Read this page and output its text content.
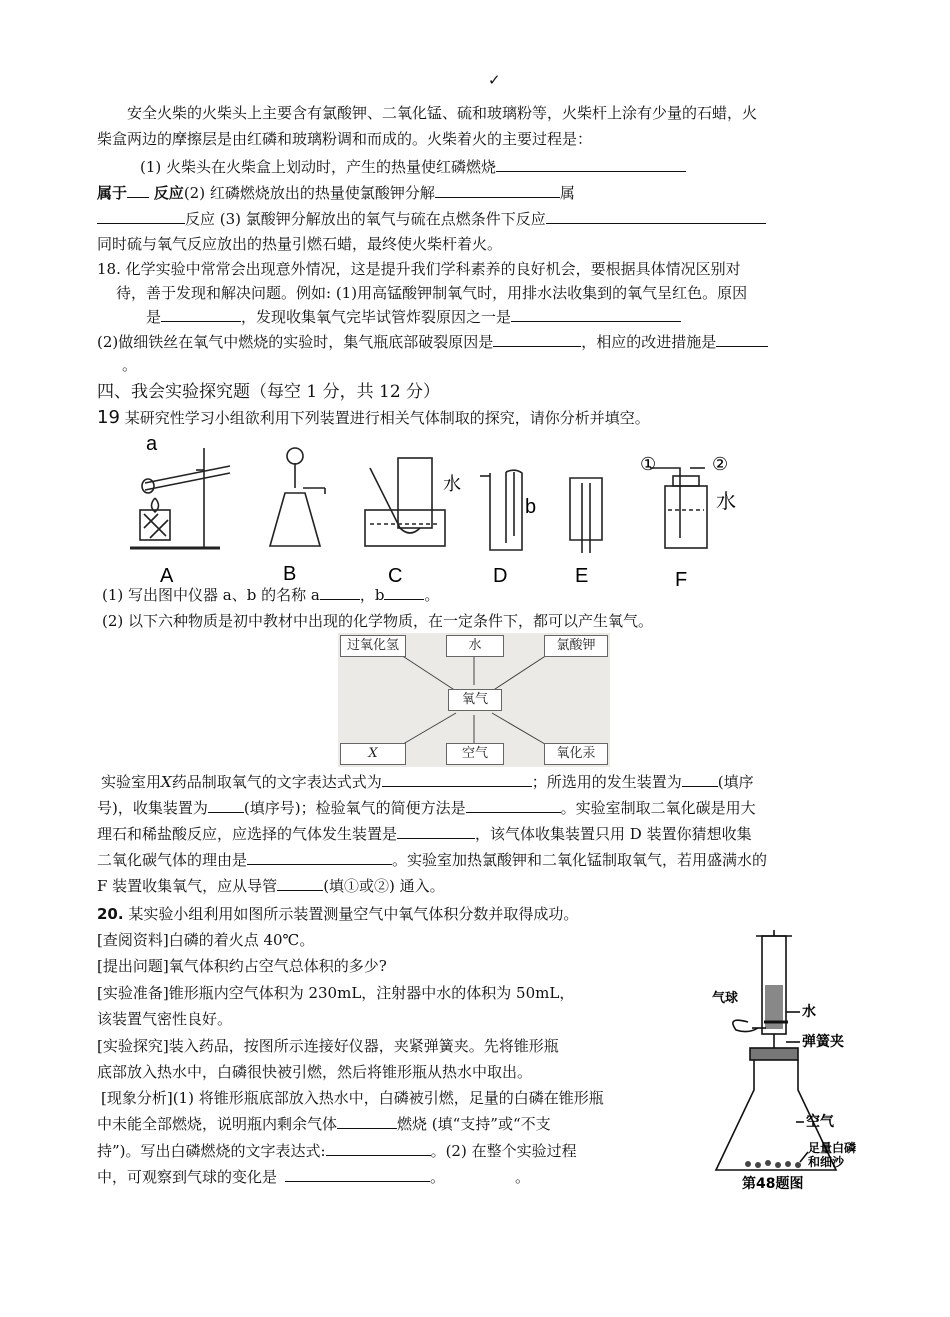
✓
安全火柴的火柴头上主要含有氯酸钾、二氧化锰、硫和玻璃粉等，火柴杆上涂有少量的石蜡，火
柴盒两边的摩擦层是由红磷和玻璃粉调和而成的。火柴着火的主要过程是：
(1) 火柴头在火柴盒上划动时，产生的热量使红磷燃烧
属于 反应(2) 红磷燃烧放出的热量使氯酸钾分解	属
反应 (3) 氯酸钾分解放出的氧气与硫在点燃条件下反应
同时硫与氧气反应放出的热量引燃石蜡，最终使火柴杆着火。
18. 化学实验中常常会出现意外情况，这是提升我们学科素养的良好机会，要根据具体情况区别对
待，善于发现和解决问题。例如: (1)用高锰酸钾制氧气时，用排水法收集到的氧气呈红色。原因
是	，发现收集氧气完毕试管炸裂原因之一是
(2)做细铁丝在氧气中燃烧的实验时，集气瓶底部破裂原因是	，相应的改进措施是
。
四、我会实验探究题（每空 1 分，共 12 分）
19 某研究性学习小组欲利用下列装置进行相关气体制取的探究，请你分析并填空。
a
b
水
水
①	②
A	B	C	D	E	F
(1) 写出图中仪器 a、b 的名称 a	，b	。
(2) 以下六种物质是初中教材中出现的化学物质，在一定条件下，都可以产生氧气。
过氧化氢	水	氯酸钾
氧气
X	空气	氧化汞
实验室用X药品制取氧气的文字表达式式为	；所选用的发生装置为 (填序
号)，收集装置为 (填序号)；检验氧气的简便方法是	。实验室制取二氧化碳是用大
理石和稀盐酸反应，应选择的气体发生装置是	，该气体收集装置只用 D 装置你猜想收集
二氧化碳气体的理由是	。实验室加热氯酸钾和二氧化锰制取氧气，若用盛满水的
F 装置收集氧气，应从导管	(填①或②) 通入。
20. 某实验小组利用如图所示装置测量空气中氧气体积分数并取得成功。
[查阅资料]白磷的着火点 40℃。
[提出问题]氧气体积约占空气总体积的多少?
[实验准备]锥形瓶内空气体积为 230mL，注射器中水的体积为 50mL，
该装置气密性良好。
[实验探究]装入药品，按图所示连接好仪器，夹紧弹簧夹。先将锥形瓶
底部放入热水中，白磷很快被引燃，然后将锥形瓶从热水中取出。
[现象分析](1) 将锥形瓶底部放入热水中，白磷被引燃，足量的白磷在锥形瓶
中未能全部燃烧，说明瓶内剩余气体	燃烧 (填“支持”或“不支
持”)。写出白磷燃烧的文字表达式:	。(2) 在整个实验过程
中，可观察到气球的变化是	。	。
气球
水
弹簧夹
空气
足量白磷
和细沙
第48题图
